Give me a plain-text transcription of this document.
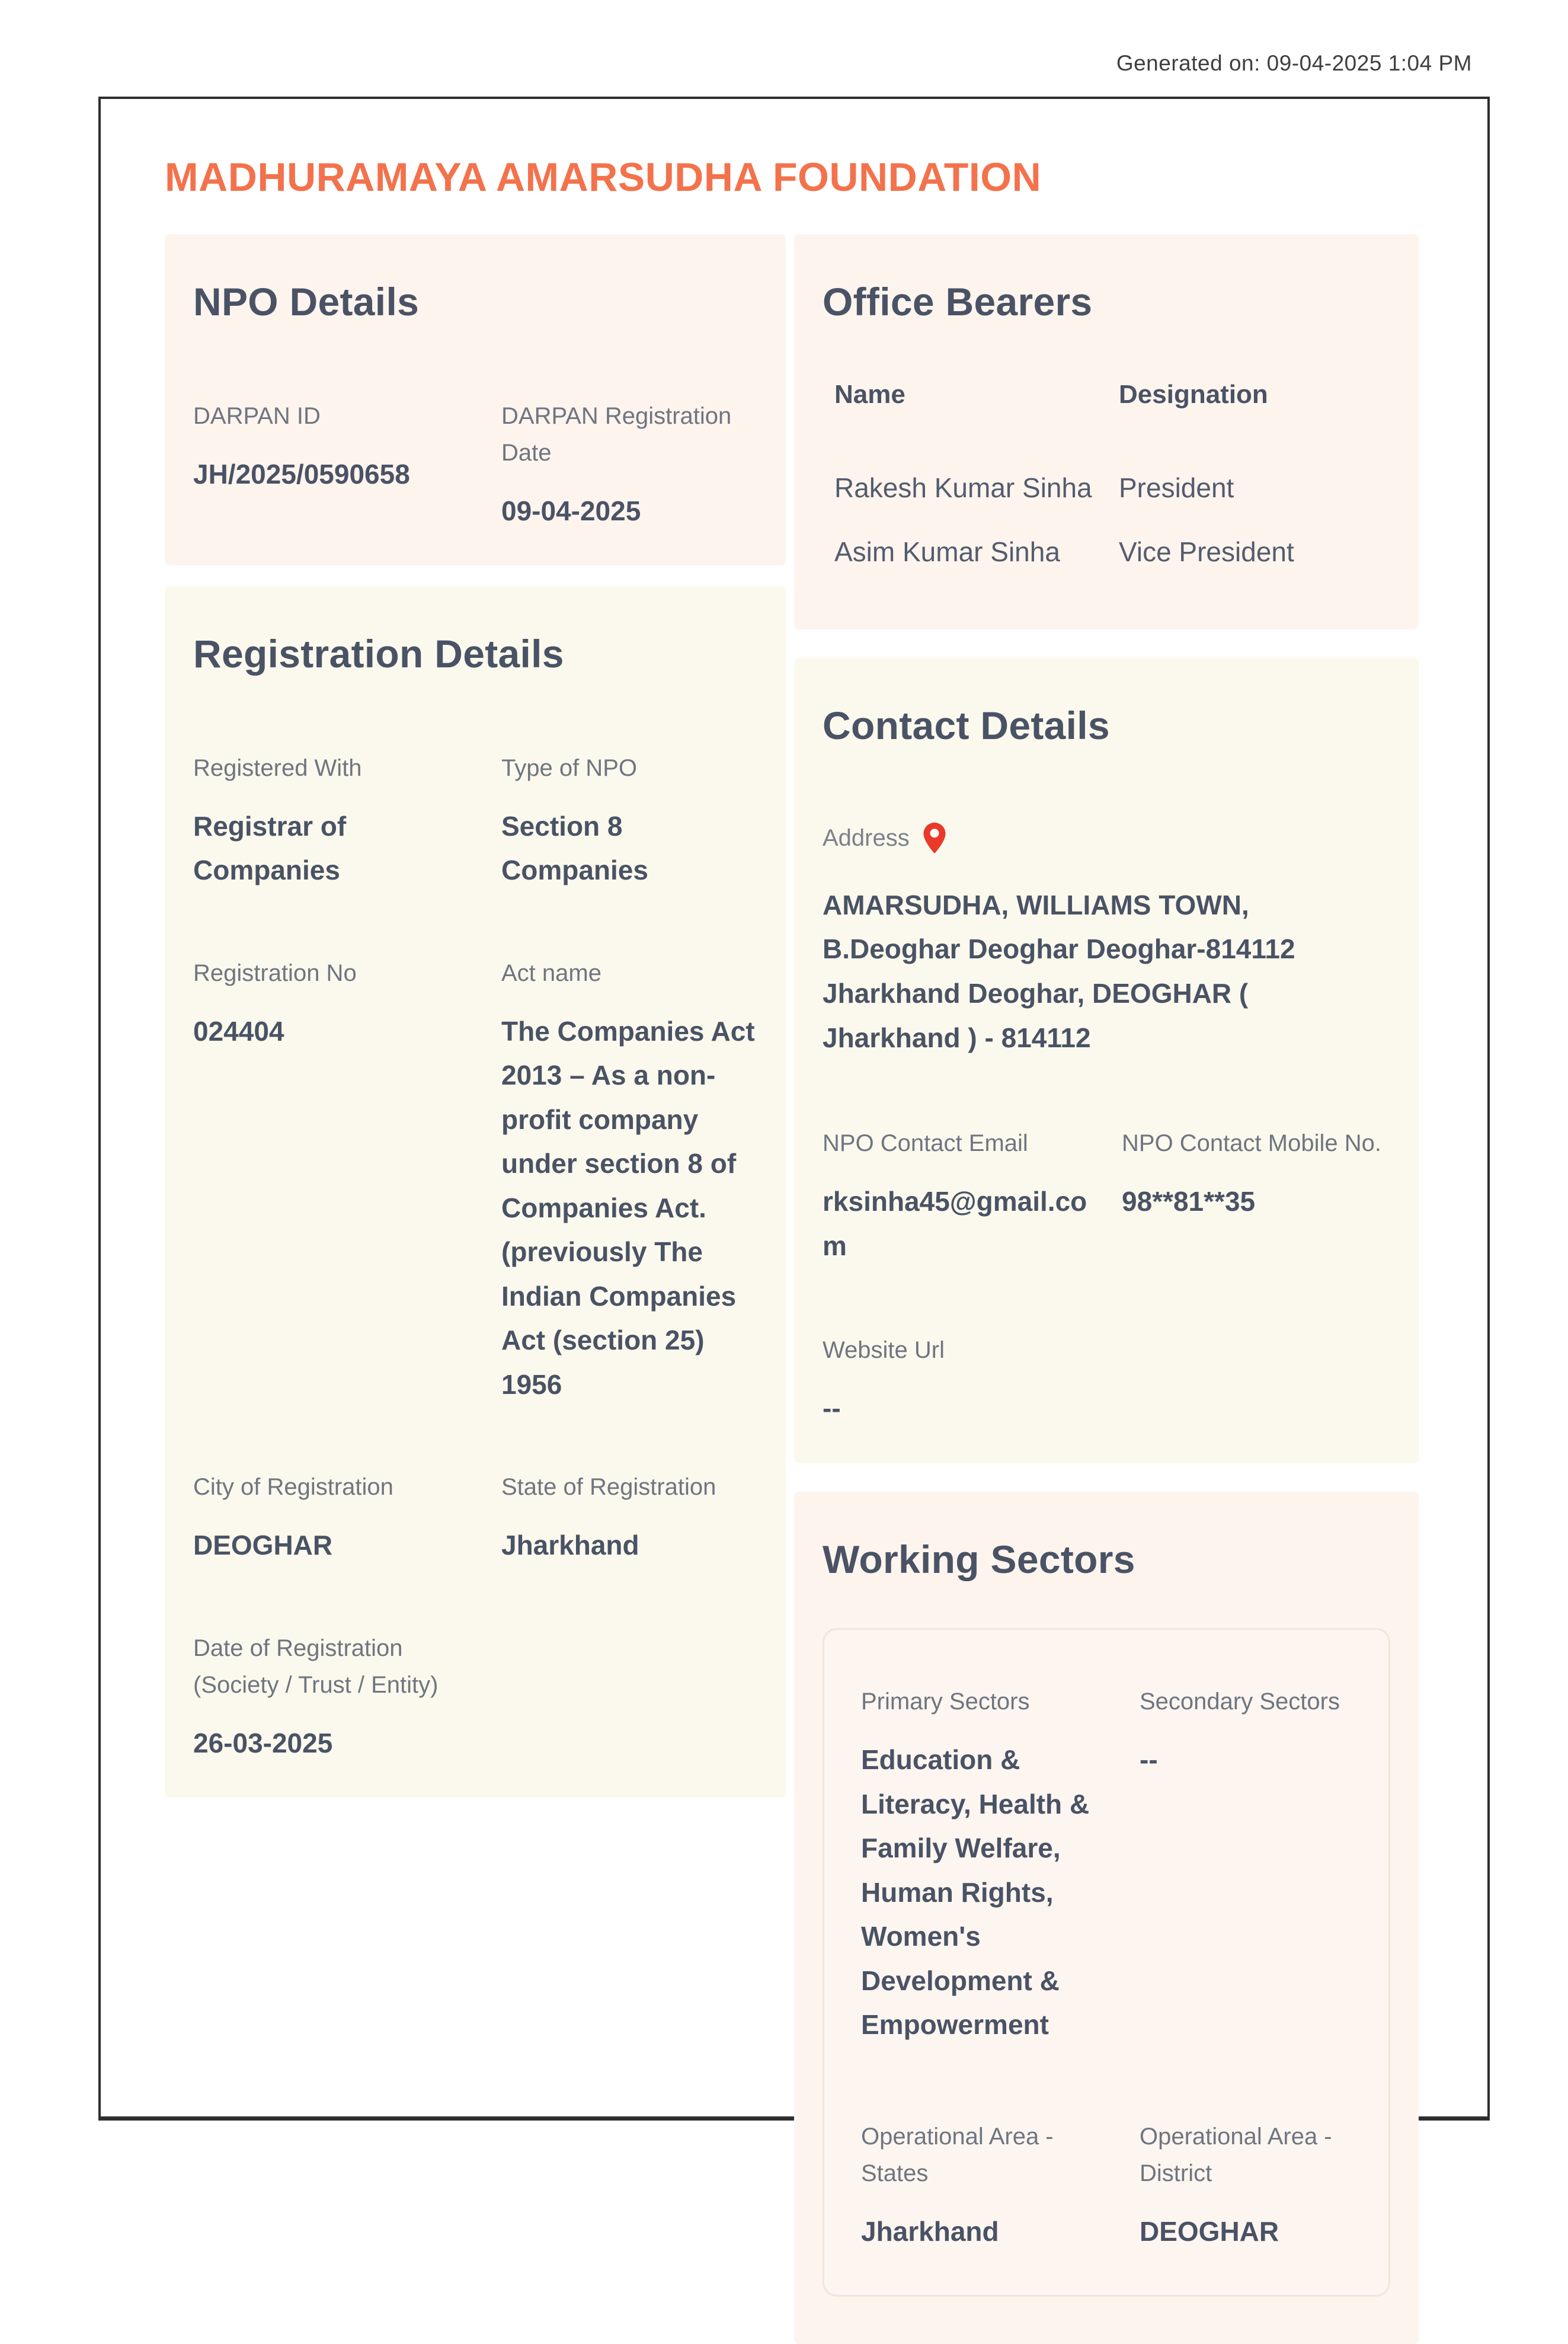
Generated on: 09-04-2025 1:04 PM
MADHURAMAYA AMARSUDHA FOUNDATION
NPO Details
DARPAN ID
JH/2025/0590658
DARPAN Registration Date
09-04-2025
Registration Details
Registered With
Registrar of Companies
Type of NPO
Section 8 Companies
Registration No
024404
Act name
The Companies Act 2013 – As a non-profit company under section 8 of Companies Act. (previously The Indian Companies Act (section 25) 1956
City of Registration
DEOGHAR
State of Registration
Jharkhand
Date of Registration (Society / Trust / Entity)
26-03-2025
Office Bearers
Name	Designation
Rakesh Kumar Sinha President
Asim Kumar Sinha	Vice President
Contact Details
Address
AMARSUDHA, WILLIAMS TOWN, B.Deoghar Deoghar Deoghar-814112 Jharkhand Deoghar, DEOGHAR ( Jharkhand ) - 814112
NPO Contact Email
rksinha45@gmail.com
NPO Contact Mobile No.
98**81**35
Website Url
--
Working Sectors
Primary Sectors
Education & Literacy, Health & Family Welfare, Human Rights, Women's Development & Empowerment
Secondary Sectors
--
Operational Area - States
Jharkhand
Operational Area - District
DEOGHAR
